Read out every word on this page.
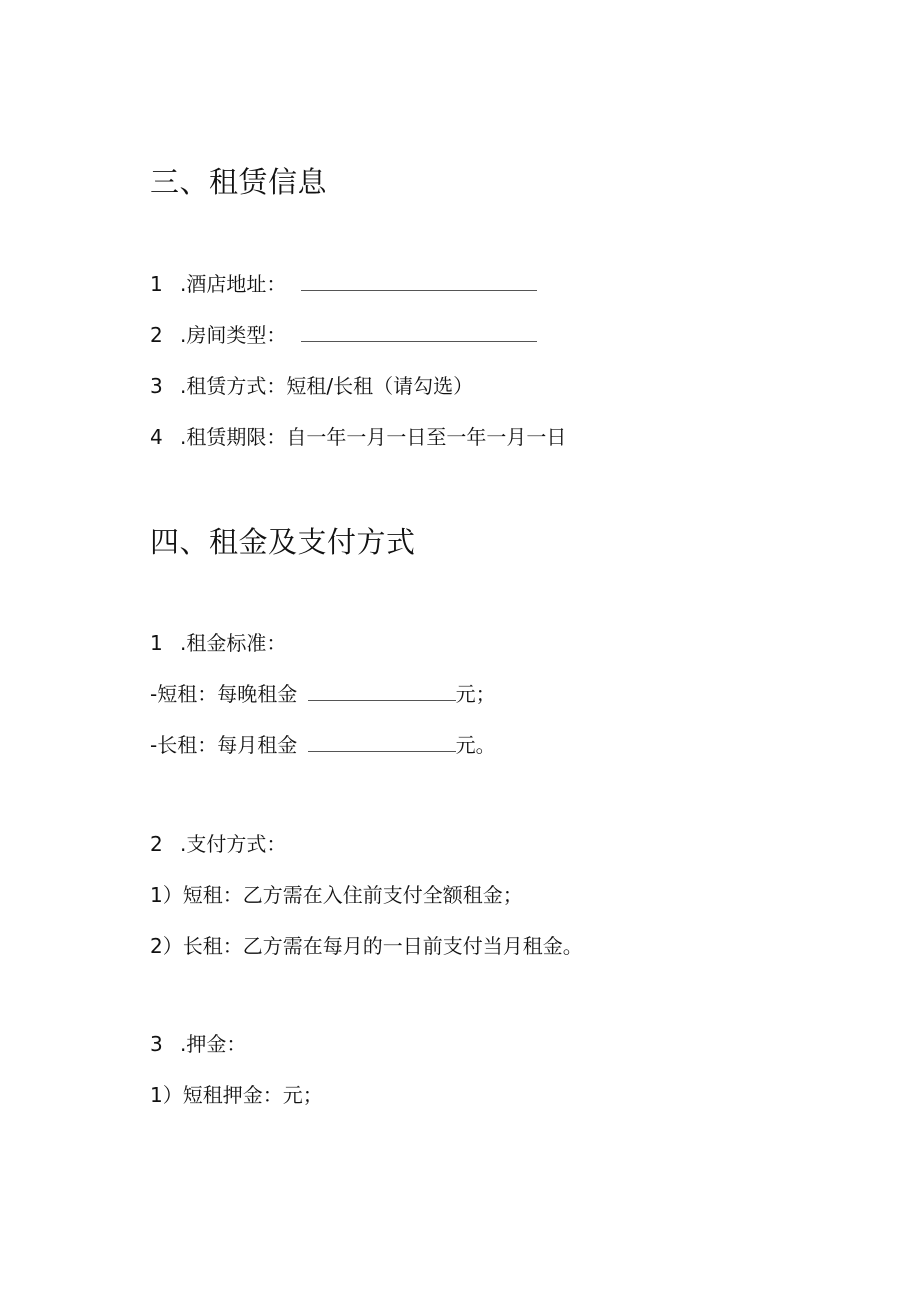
三、租赁信息
1 .酒店地址：
2 .房间类型：
3 .租赁方式：短租/长租（请勾选）
4 .租赁期限：自一年一月一日至一年一月一日
四、租金及支付方式
1 .租金标准：
-短租：每晚租金	元；
-长租：每月租金	元。
2 .支付方式：
1）短租：乙方需在入住前支付全额租金；
2）长租：乙方需在每月的一日前支付当月租金。
3 .押金：
1）短租押金：元；
